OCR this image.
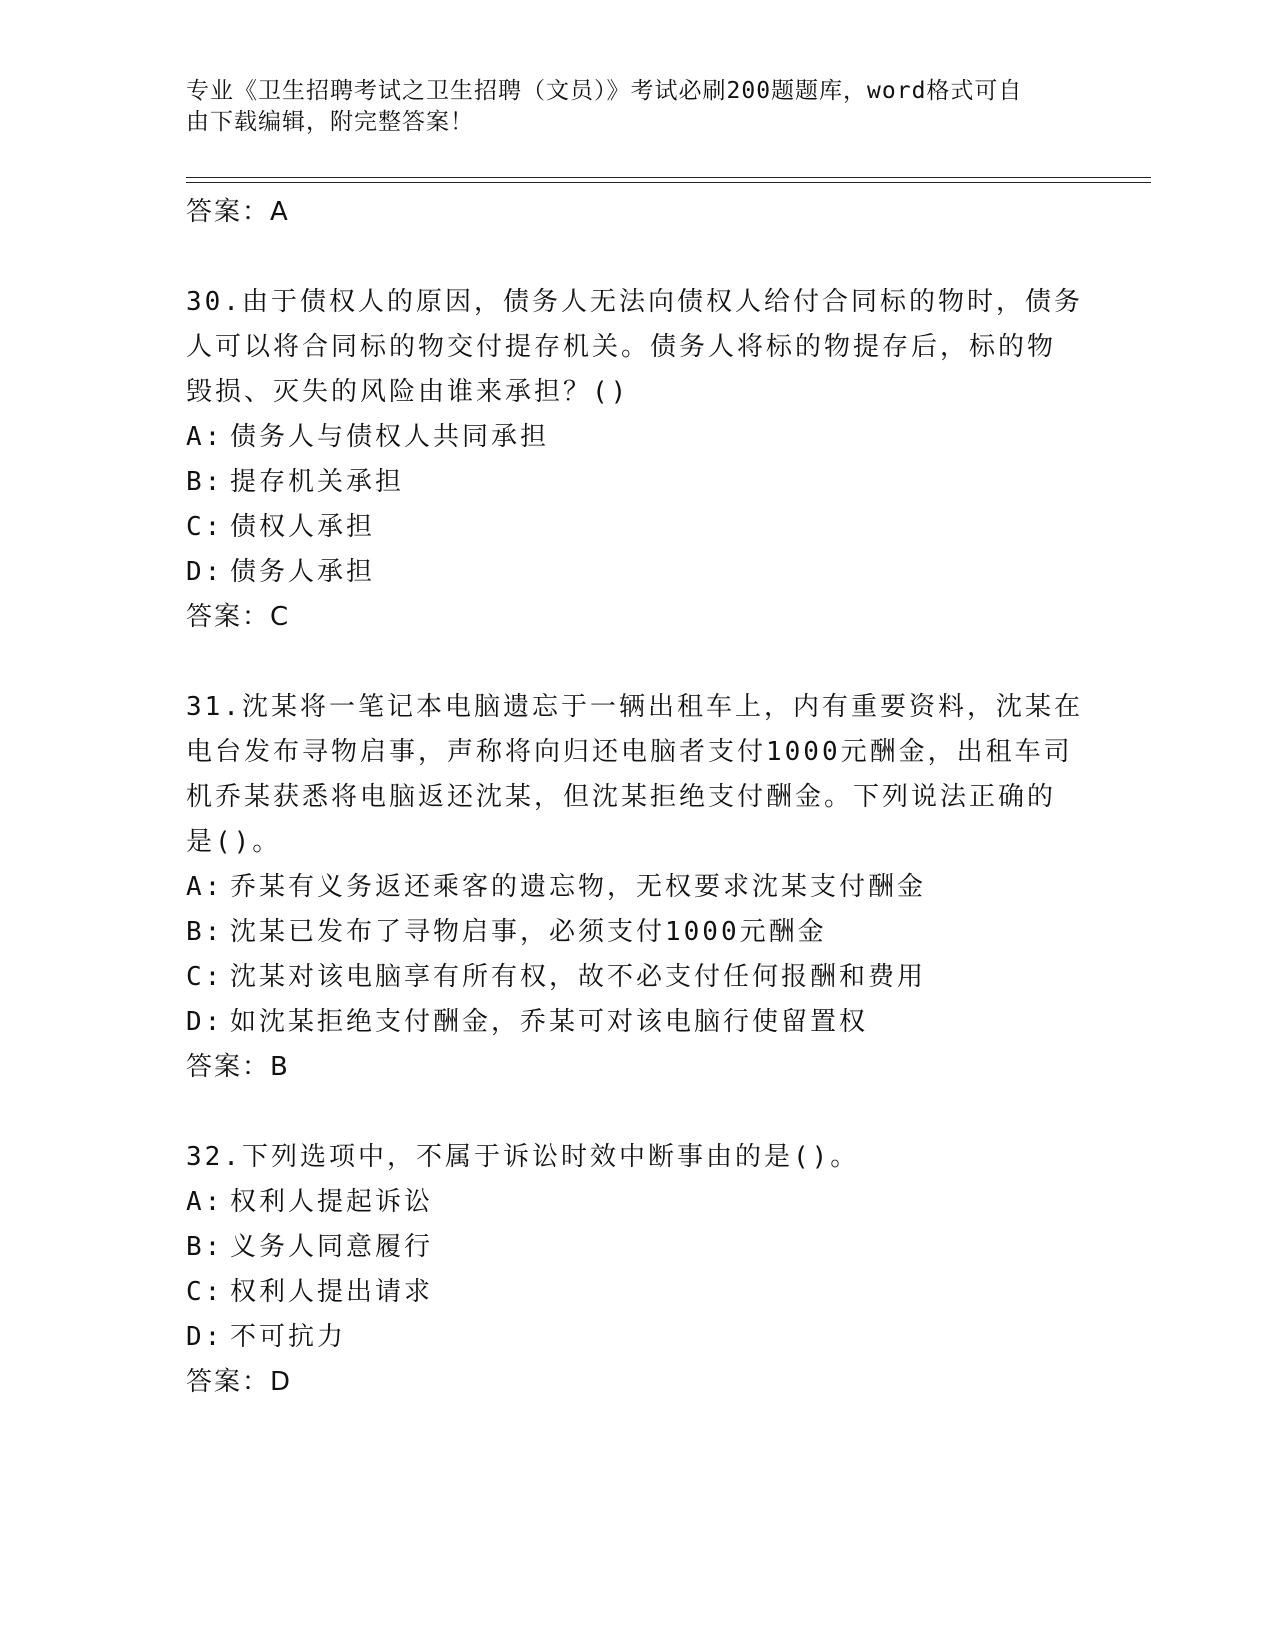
专业《卫生招聘考试之卫生招聘（文员）》考试必刷200题题库，word格式可自
由下载编辑，附完整答案！
答案：A
30.由于债权人的原因，债务人无法向债权人给付合同标的物时，债务
人可以将合同标的物交付提存机关。债务人将标的物提存后，标的物
毁损、灭失的风险由谁来承担？()
A: 债务人与债权人共同承担
B: 提存机关承担
C: 债权人承担
D: 债务人承担
答案：C
31.沈某将一笔记本电脑遗忘于一辆出租车上，内有重要资料，沈某在
电台发布寻物启事，声称将向归还电脑者支付1000元酬金，出租车司
机乔某获悉将电脑返还沈某，但沈某拒绝支付酬金。下列说法正确的
是()。
A: 乔某有义务返还乘客的遗忘物，无权要求沈某支付酬金
B: 沈某已发布了寻物启事，必须支付1000元酬金
C: 沈某对该电脑享有所有权，故不必支付任何报酬和费用
D: 如沈某拒绝支付酬金，乔某可对该电脑行使留置权
答案：B
32.下列选项中，不属于诉讼时效中断事由的是()。
A: 权利人提起诉讼
B: 义务人同意履行
C: 权利人提出请求
D: 不可抗力
答案：D
